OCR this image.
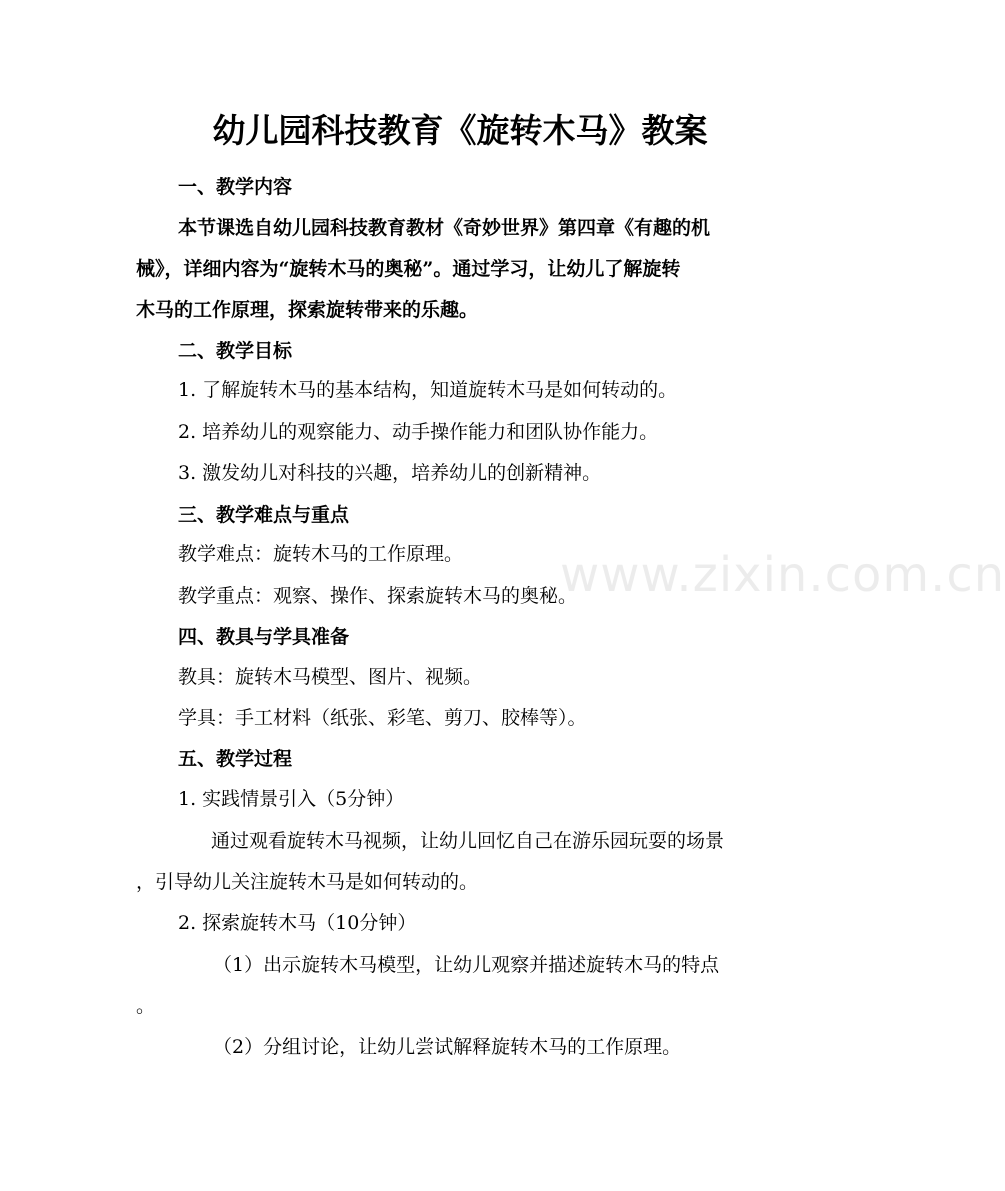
www.zixin.com.cn
幼儿园科技教育《旋转木马》教案
一、教学内容
本节课选自幼儿园科技教育教材《奇妙世界》第四章《有趣的机
械》，详细内容为“旋转木马的奥秘”。通过学习，让幼儿了解旋转
木马的工作原理，探索旋转带来的乐趣。
二、教学目标
1. 了解旋转木马的基本结构，知道旋转木马是如何转动的。
2. 培养幼儿的观察能力、动手操作能力和团队协作能力。
3. 激发幼儿对科技的兴趣，培养幼儿的创新精神。
三、教学难点与重点
教学难点：旋转木马的工作原理。
教学重点：观察、操作、探索旋转木马的奥秘。
四、教具与学具准备
教具：旋转木马模型、图片、视频。
学具：手工材料（纸张、彩笔、剪刀、胶棒等）。
五、教学过程
1. 实践情景引入（5分钟）
通过观看旋转木马视频，让幼儿回忆自己在游乐园玩耍的场景
，引导幼儿关注旋转木马是如何转动的。
2. 探索旋转木马（10分钟）
（1）出示旋转木马模型，让幼儿观察并描述旋转木马的特点
。
（2）分组讨论，让幼儿尝试解释旋转木马的工作原理。
